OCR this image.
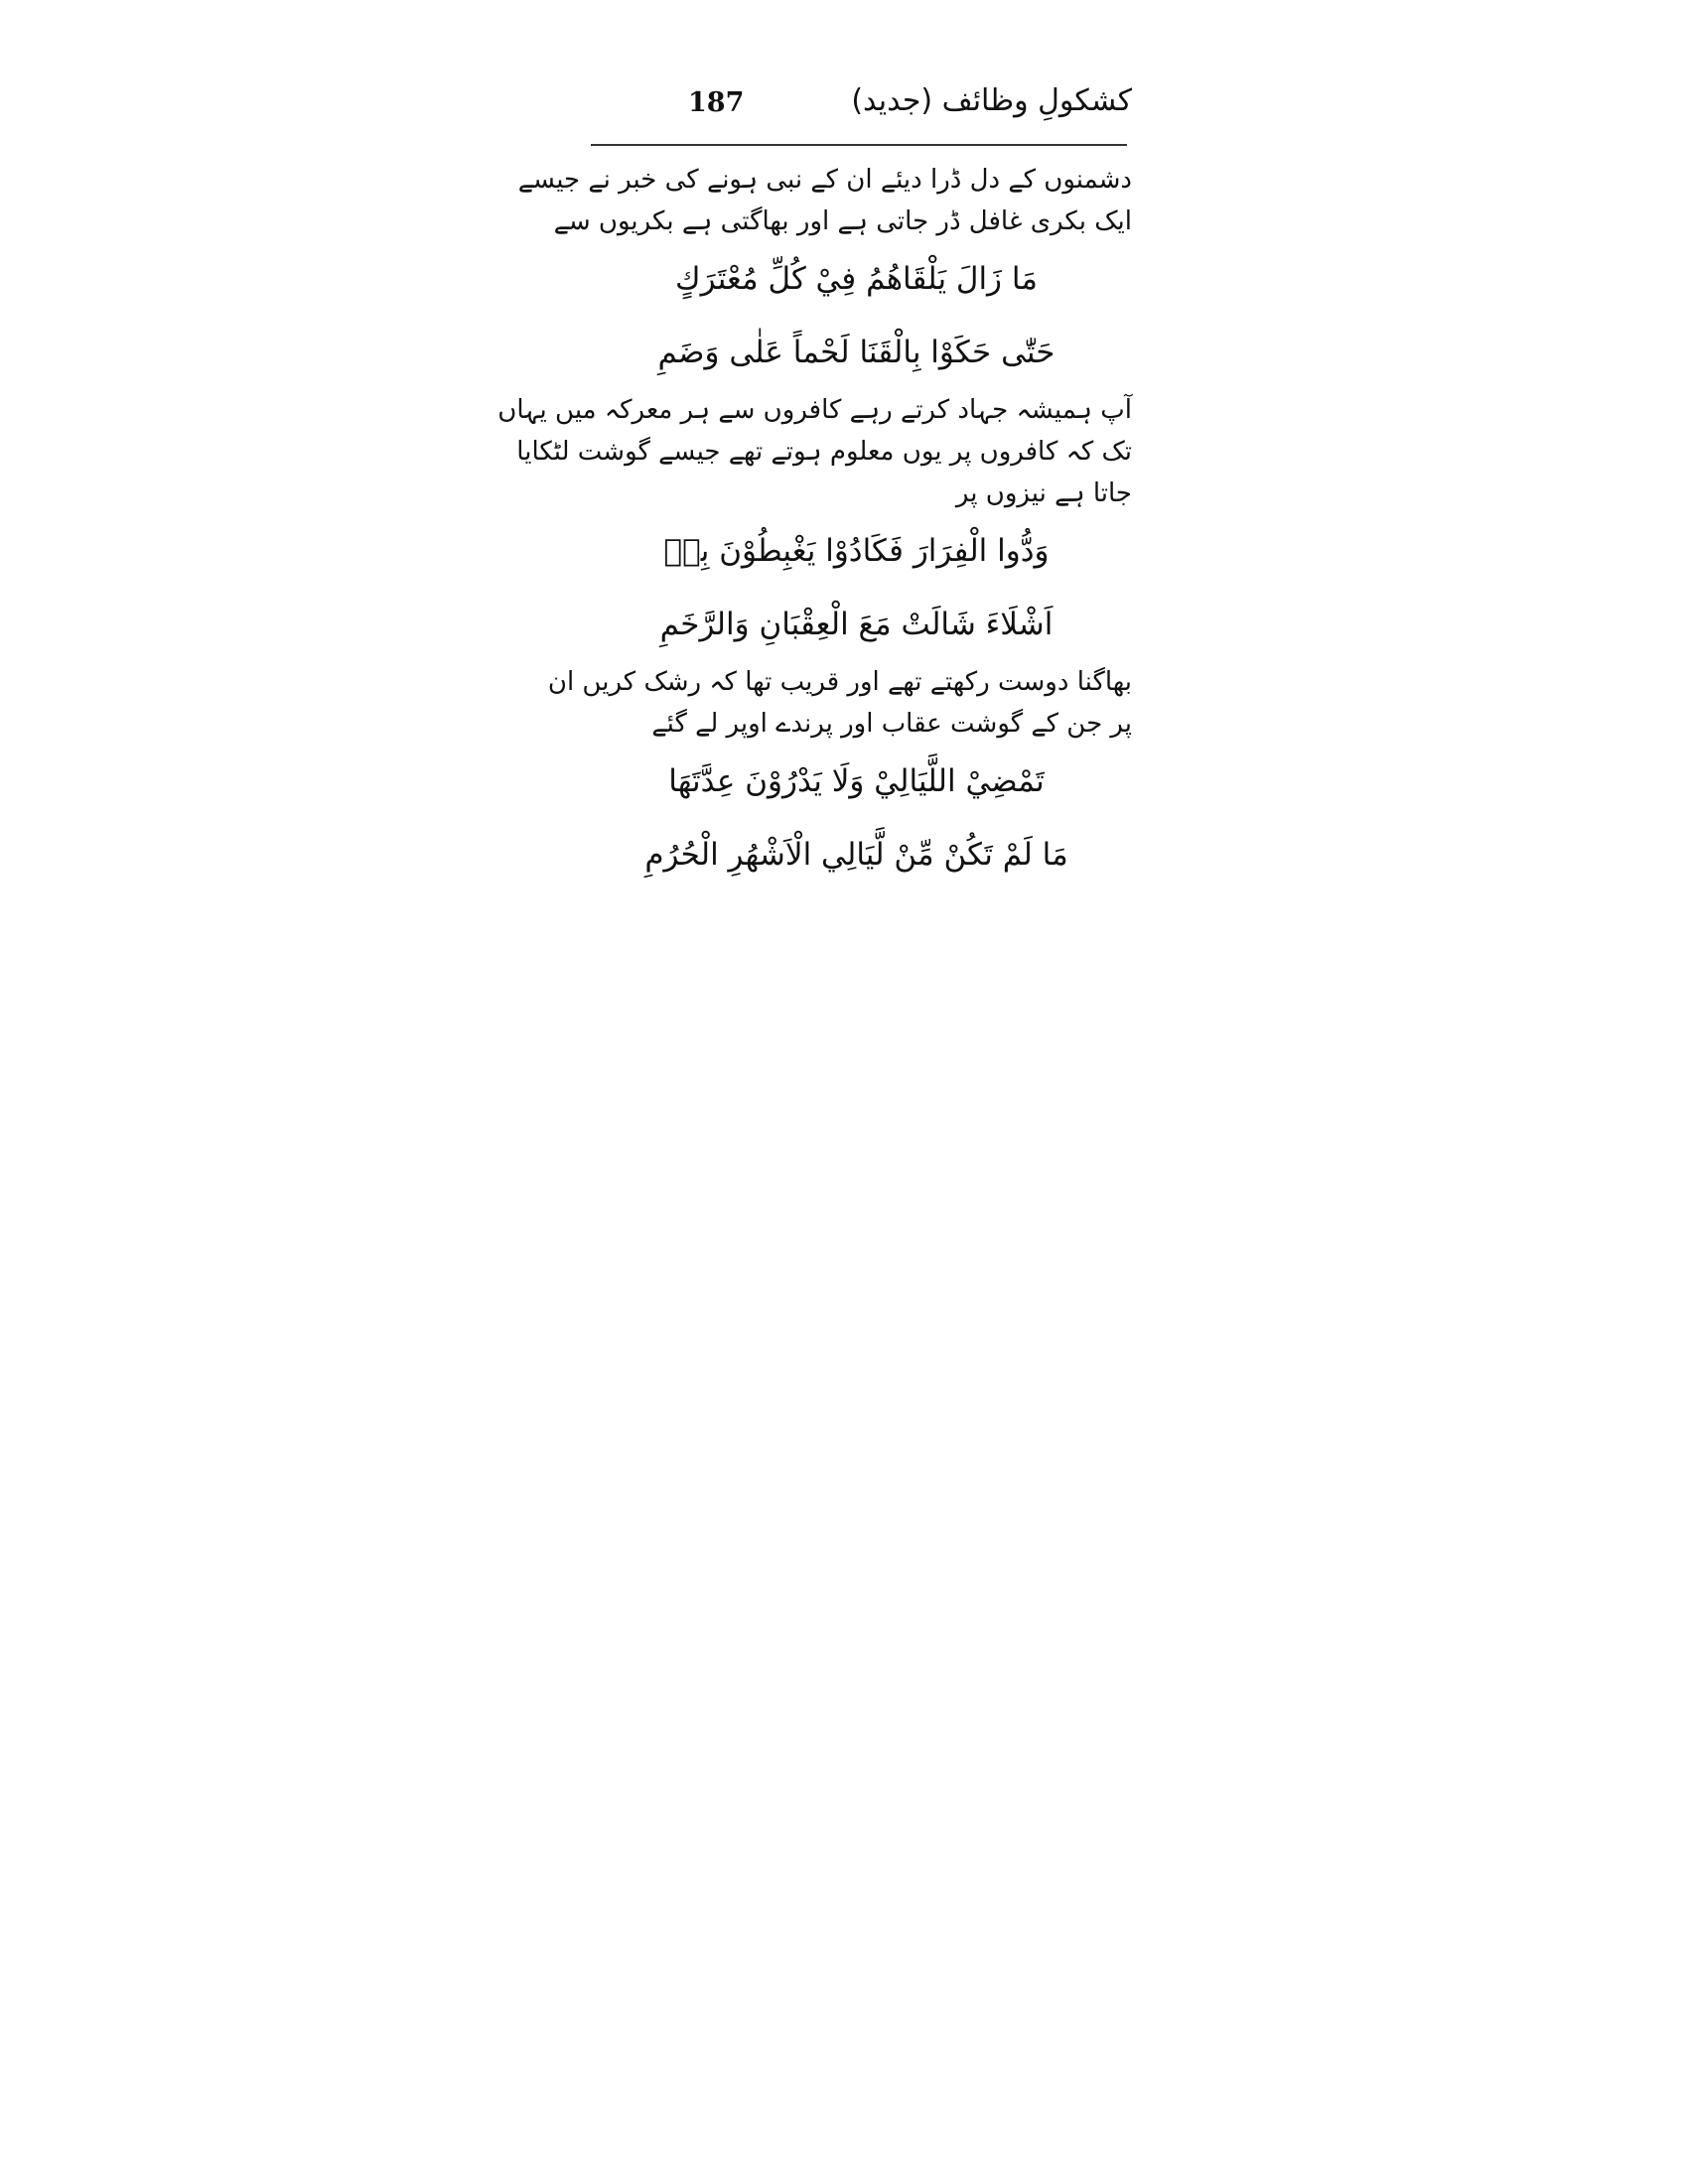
187	کشکولِ وظائف (جدید)
دشمنوں کے دل ڈرا دیئے ان کے نبی ہونے کی خبر نے جیسے
ایک بکری غافل ڈر جاتی ہے اور بھاگتی ہے بکریوں سے
مَا زَالَ يَلْقَاهُمُ فِيْ كُلِّ مُعْتَرَكٍ
حَتّٰى حَكَوْا بِالْقَنَا لَحْماً عَلٰى وَضَمِ
آپ ہمیشہ جہاد کرتے رہے کافروں سے ہر معرکہ میں یہاں
تک کہ کافروں پر یوں معلوم ہوتے تھے جیسے گوشت لٹکایا
جاتا ہے نیزوں پر
وَدُّوا الْفِرَارَ فَكَادُوْا يَغْبِطُوْنَ بِهٖ
اَشْلَاءَ شَالَتْ مَعَ الْعِقْبَانِ وَالرَّخَمِ
بھاگنا دوست رکھتے تھے اور قریب تھا کہ رشک کریں ان
پر جن کے گوشت عقاب اور پرندے اوپر لے گئے
تَمْضِيْ اللَّيَالِيْ وَلَا يَدْرُوْنَ عِدَّتَهَا
مَا لَمْ تَكُنْ مِّنْ لَّيَالِي الْاَشْهُرِ الْحُرُمِ
